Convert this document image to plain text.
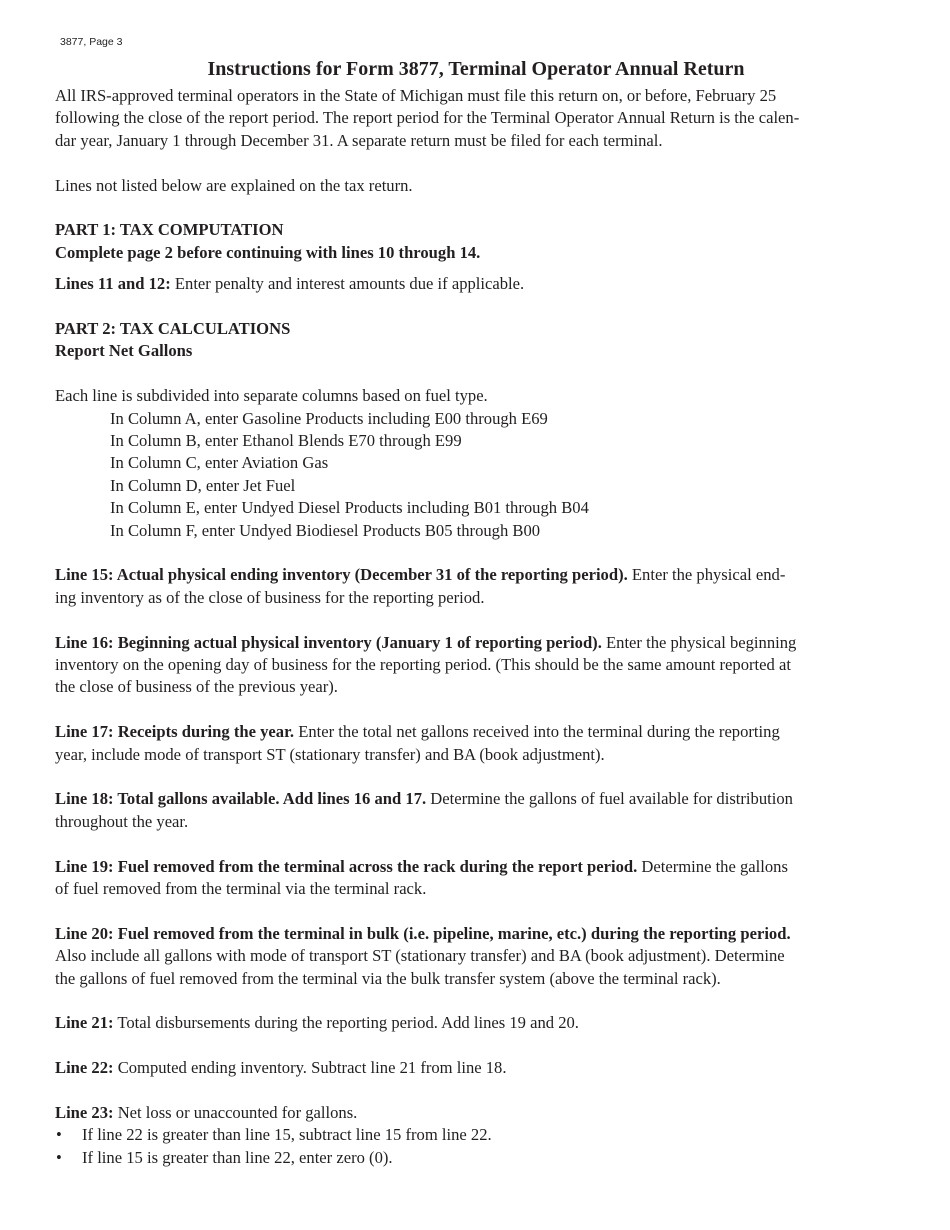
3877, Page 3
Instructions for Form 3877, Terminal Operator Annual Return
All IRS-approved terminal operators in the State of Michigan must file this return on, or before, February 25
following the close of the report period. The report period for the Terminal Operator Annual Return is the calen-
dar year, January 1 through December 31. A separate return must be filed for each terminal.

Lines not listed below are explained on the tax return.

PART 1: TAX COMPUTATION
Complete page 2 before continuing with lines 10 through 14.

Lines 11 and 12: Enter penalty and interest amounts due if applicable.

PART 2: TAX CALCULATIONS
Report Net Gallons
Each line is subdivided into separate columns based on fuel type.
In Column A, enter Gasoline Products including E00 through E69
In Column B, enter Ethanol Blends E70 through E99
In Column C, enter Aviation Gas
In Column D, enter Jet Fuel
In Column E, enter Undyed Diesel Products including B01 through B04
In Column F, enter Undyed Biodiesel Products B05 through B00
Line 15: Actual physical ending inventory (December 31 of the reporting period). Enter the physical end-
ing inventory as of the close of business for the reporting period.
Line 16: Beginning actual physical inventory (January 1 of reporting period). Enter the physical beginning
inventory on the opening day of business for the reporting period. (This should be the same amount reported at
the close of business of the previous year).
Line 17: Receipts during the year. Enter the total net gallons received into the terminal during the reporting
year, include mode of transport ST (stationary transfer) and BA (book adjustment).
Line 18: Total gallons available. Add lines 16 and 17. Determine the gallons of fuel available for distribution
throughout the year.
Line 19: Fuel removed from the terminal across the rack during the report period. Determine the gallons
of fuel removed from the terminal via the terminal rack.
Line 20: Fuel removed from the terminal in bulk (i.e. pipeline, marine, etc.) during the reporting period.
Also include all gallons with mode of transport ST (stationary transfer) and BA (book adjustment). Determine
the gallons of fuel removed from the terminal via the bulk transfer system (above the terminal rack).

Line 21: Total disbursements during the reporting period. Add lines 19 and 20.

Line 22: Computed ending inventory. Subtract line 21 from line 18.

Line 23: Net loss or unaccounted for gallons.
• If line 22 is greater than line 15, subtract line 15 from line 22.
• If line 15 is greater than line 22, enter zero (0).
